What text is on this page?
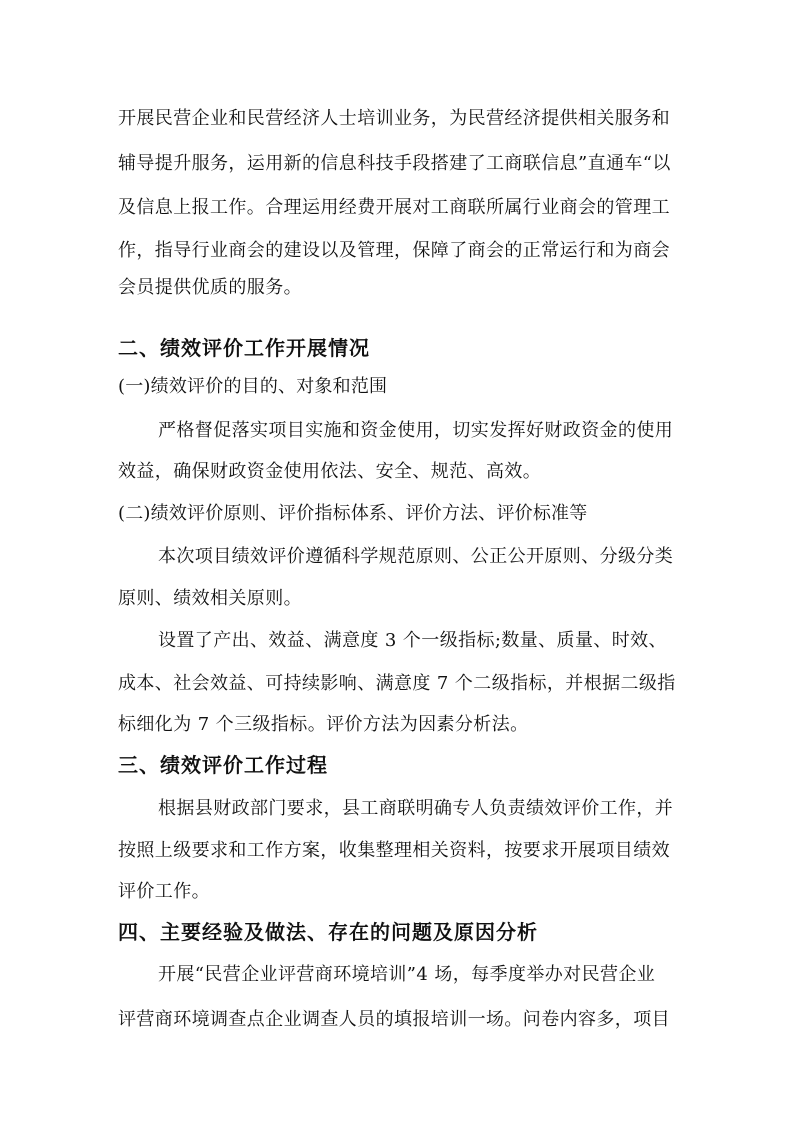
开展民营企业和民营经济人士培训业务，为民营经济提供相关服务和
辅导提升服务，运用新的信息科技手段搭建了工商联信息”直通车“以
及信息上报工作。合理运用经费开展对工商联所属行业商会的管理工
作，指导行业商会的建设以及管理，保障了商会的正常运行和为商会
会员提供优质的服务。
二、绩效评价工作开展情况
(一)绩效评价的目的、对象和范围
严格督促落实项目实施和资金使用，切实发挥好财政资金的使用
效益，确保财政资金使用依法、安全、规范、高效。
(二)绩效评价原则、评价指标体系、评价方法、评价标准等
本次项目绩效评价遵循科学规范原则、公正公开原则、分级分类
原则、绩效相关原则。
设置了产出、效益、满意度 3 个一级指标;数量、质量、时效、
成本、社会效益、可持续影响、满意度 7 个二级指标，并根据二级指
标细化为 7 个三级指标。评价方法为因素分析法。
三、绩效评价工作过程
根据县财政部门要求，县工商联明确专人负责绩效评价工作，并
按照上级要求和工作方案，收集整理相关资料，按要求开展项目绩效
评价工作。
四、主要经验及做法、存在的问题及原因分析
开展“民营企业评营商环境培训”4 场，每季度举办对民营企业
评营商环境调查点企业调查人员的填报培训一场。问卷内容多，项目
